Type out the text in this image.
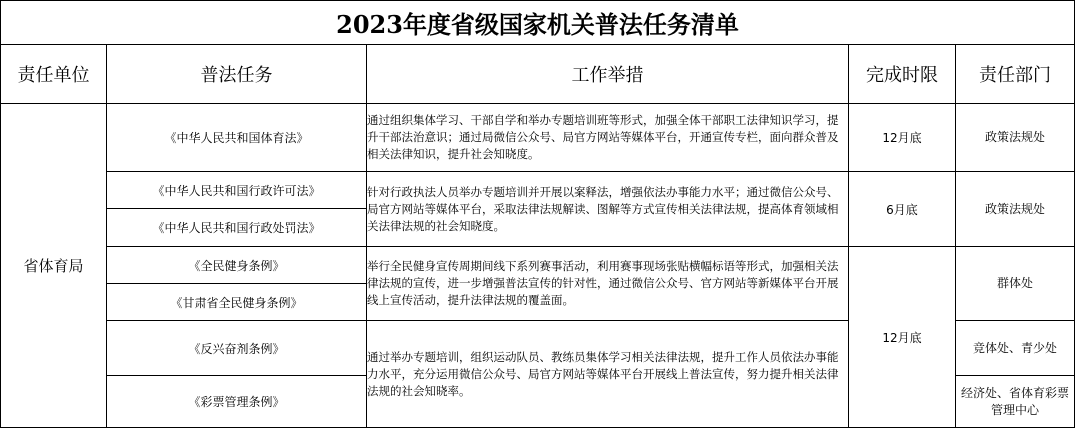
2023年度省级国家机关普法任务清单				
责任单位	普法任务	工作举措	完成时限	责任部门
省体育局	《中华人民共和国体育法》	通过组织集体学习、干部自学和举办专题培训班等形式，加强全体干部职工法律知识学习，提升干部法治意识；通过局微信公众号、局官方网站等媒体平台，开通宣传专栏，面向群众普及相关法律知识，提升社会知晓度。	12月底	政策法规处
	《中华人民共和国行政许可法》	针对行政执法人员举办专题培训并开展以案释法，增强依法办事能力水平；通过微信公众号、局官方网站等媒体平台，采取法律法规解读、图解等方式宣传相关法律法规，提高体育领域相关法律法规的社会知晓度。	6月底	政策法规处
	《中华人民共和国行政处罚法》			
	《全民健身条例》	举行全民健身宣传周期间线下系列赛事活动，利用赛事现场张贴横幅标语等形式，加强相关法律法规的宣传，进一步增强普法宣传的针对性，通过微信公众号、官方网站等新媒体平台开展线上宣传活动，提升法律法规的覆盖面。	12月底	群体处
	《甘肃省全民健身条例》			
	《反兴奋剂条例》	通过举办专题培训，组织运动队员、教练员集体学习相关法律法规，提升工作人员依法办事能力水平，充分运用微信公众号、局官方网站等媒体平台开展线上普法宣传，努力提升相关法律法规的社会知晓率。		竞体处、青少处
	《彩票管理条例》			经济处、省体育彩票管理中心
